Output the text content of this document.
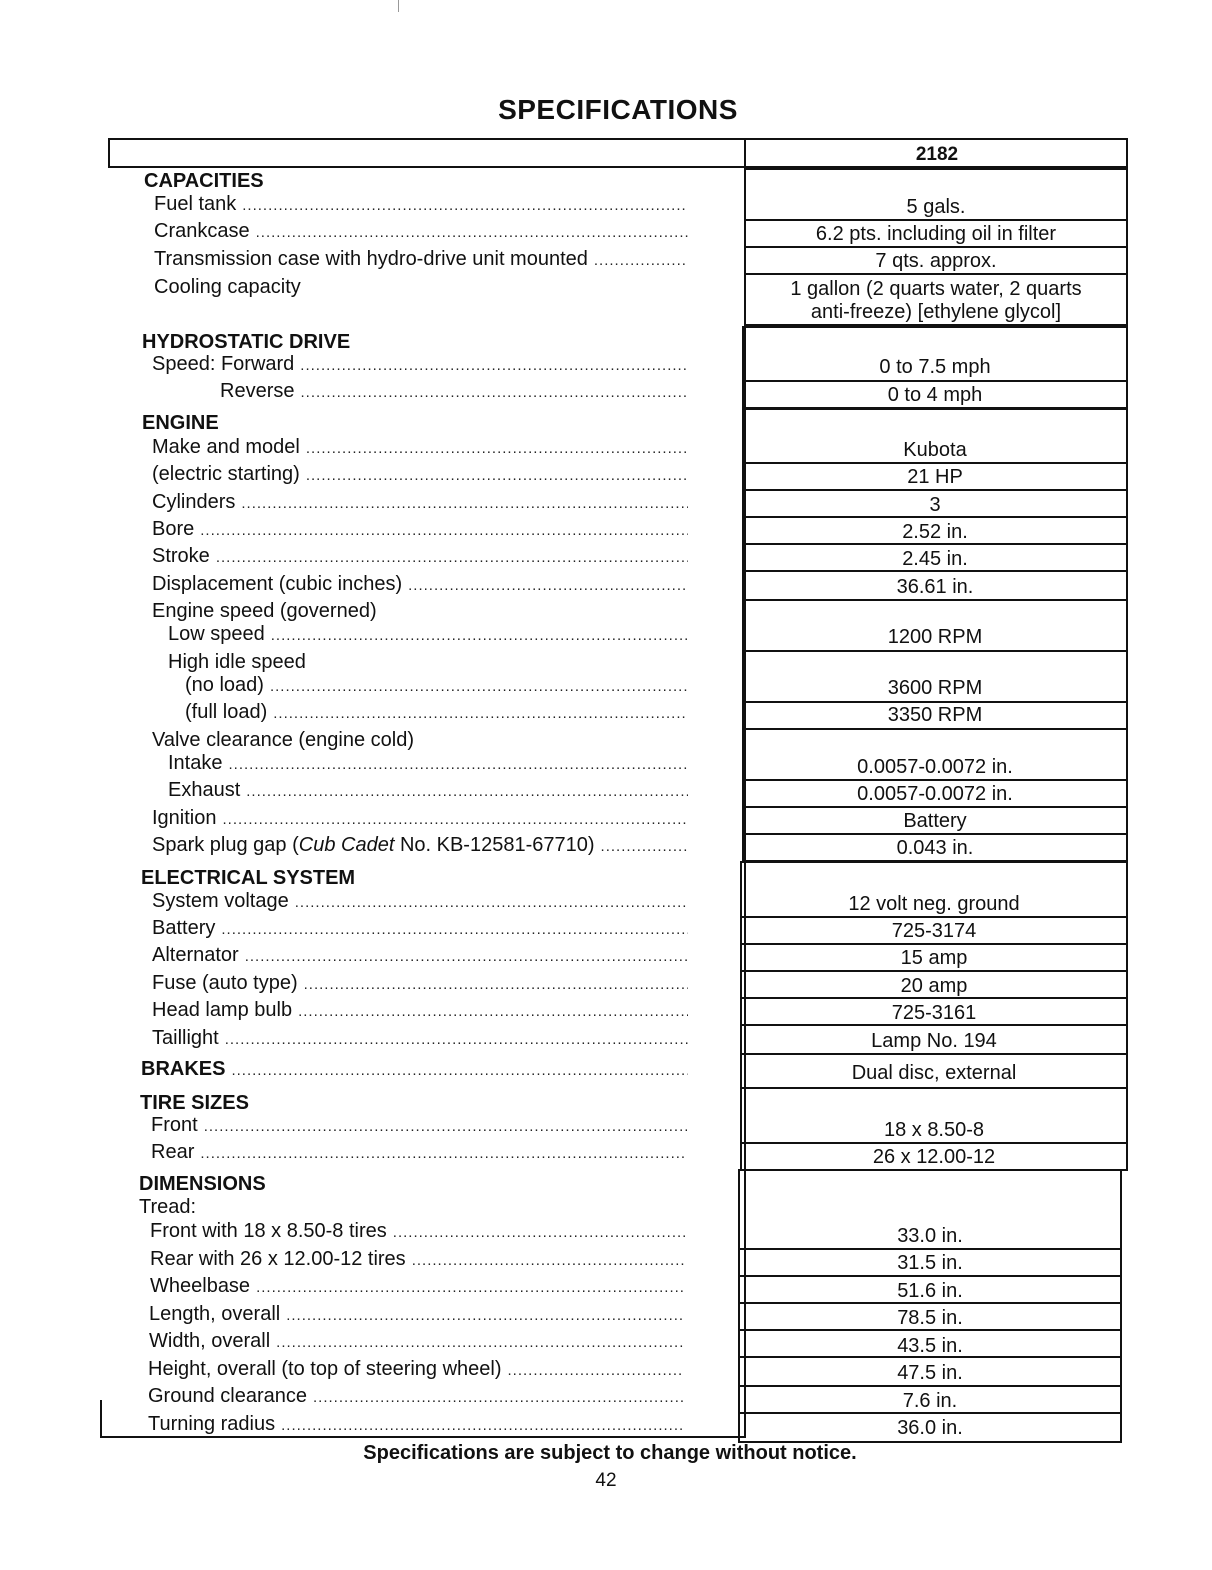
SPECIFICATIONS
2182
CAPACITIES
Fuel tank
.....
Crankcase
.....
Transmission case with hydro-drive unit mounted
.....
Cooling capacity
5 gals.
6.2 pts. including oil in filter
7 qts. approx.
1 gallon (2 quarts water, 2 quarts
anti-freeze) [ethylene glycol]
HYDROSTATIC DRIVE
Speed: Forward
.....
Reverse
.....
0 to 7.5 mph
0 to 4 mph
ENGINE
Make and model
.....
(electric starting)
.....
Cylinders
.....
Bore
.....
Stroke
.....
Displacement (cubic inches)
.....
Engine speed (governed)
Low speed
.....
High idle speed
(no load)
.....
(full load)
.....
Valve clearance (engine cold)
Intake
.....
Exhaust
.....
Ignition
.....
Spark plug gap (Cub Cadet No. KB-12581-67710)
.....
Kubota
21 HP
3
2.52 in.
2.45 in.
36.61 in.
1200 RPM
3600 RPM
3350 RPM
0.0057-0.0072 in.
0.0057-0.0072 in.
Battery
0.043 in.
ELECTRICAL SYSTEM
System voltage
.....
Battery
.....
Alternator
.....
Fuse (auto type)
.....
Head lamp bulb
.....
Taillight
.....
12 volt neg. ground
725-3174
15 amp
20 amp
725-3161
Lamp No. 194
BRAKES
.....	Dual disc, external
TIRE SIZES
Front
.....
Rear
.....
18 x 8.50-8
26 x 12.00-12
DIMENSIONS
Tread:
Front with 18 x 8.50-8 tires
.....
Rear with 26 x 12.00-12 tires
.....
Wheelbase
.....
Length, overall
.....
Width, overall
.....
Height, overall (to top of steering wheel)
.....
Ground clearance
.....
Turning radius
.....
33.0 in.
31.5 in.
51.6 in.
78.5 in.
43.5 in.
47.5 in.
7.6 in.
36.0 in.
Specifications are subject to change without notice.
42
